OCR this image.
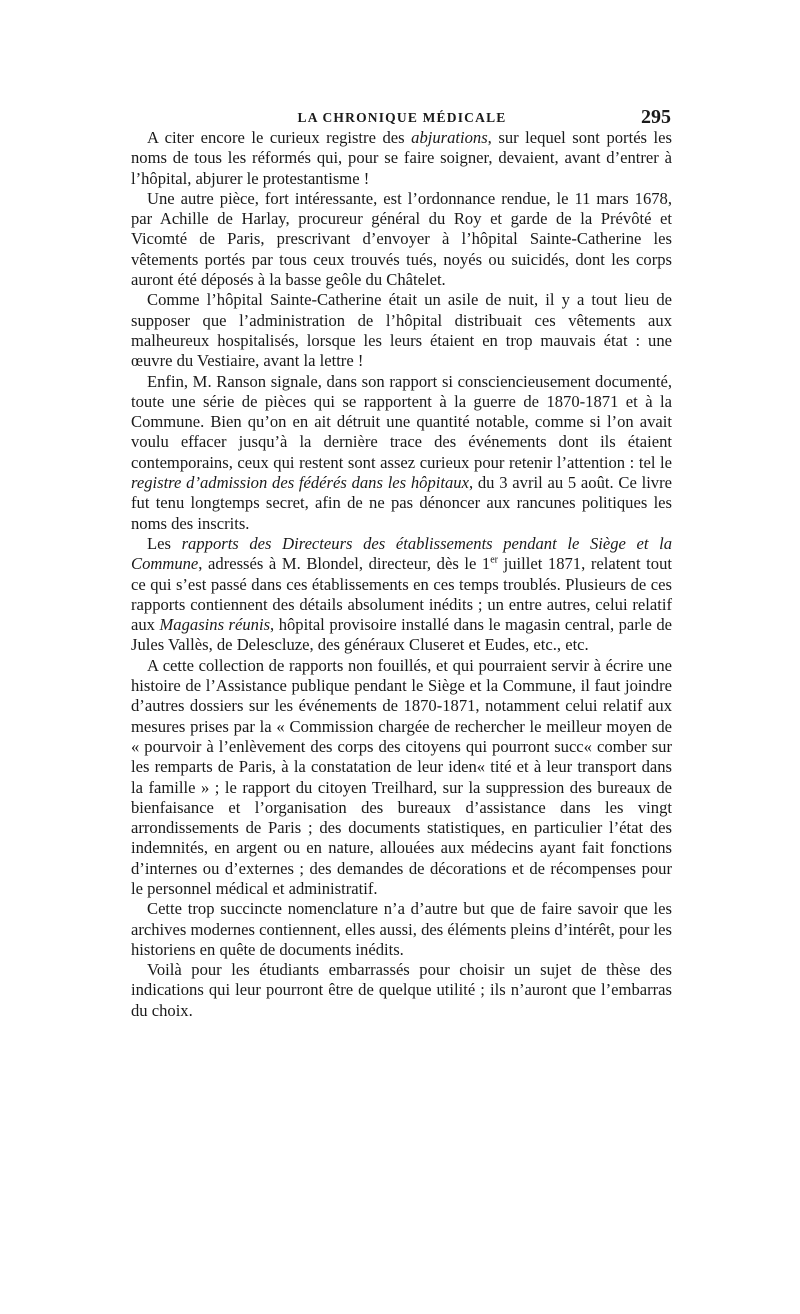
LA CHRONIQUE MÉDICALE	295

A citer encore le curieux registre des abjurations, sur lequel sont portés les noms de tous les réformés qui, pour se faire soigner, devaient, avant d’entrer à l’hôpital, abjurer le protestantisme !

Une autre pièce, fort intéressante, est l’ordonnance rendue, le 11 mars 1678, par Achille de Harlay, procureur général du Roy et garde de la Prévôté et Vicomté de Paris, prescrivant d’envoyer à l’hôpital Sainte-Catherine les vêtements portés par tous ceux trouvés tués, noyés ou suicidés, dont les corps auront été déposés à la basse geôle du Châtelet.

Comme l’hôpital Sainte-Catherine était un asile de nuit, il y a tout lieu de supposer que l’administration de l’hôpital distribuait ces vêtements aux malheureux hospitalisés, lorsque les leurs étaient en trop mauvais état : une œuvre du Vestiaire, avant la lettre !

Enfin, M. Ranson signale, dans son rapport si consciencieusement documenté, toute une série de pièces qui se rapportent à la guerre de 1870-1871 et à la Commune. Bien qu’on en ait détruit une quantité notable, comme si l’on avait voulu effacer jusqu’à la dernière trace des événements dont ils étaient contemporains, ceux qui restent sont assez curieux pour retenir l’attention : tel le registre d’admission des fédérés dans les hôpitaux, du 3 avril au 5 août. Ce livre fut tenu longtemps secret, afin de ne pas dénoncer aux rancunes politiques les noms des inscrits.

Les rapports des Directeurs des établissements pendant le Siège et la Commune, adressés à M. Blondel, directeur, dès le 1er juillet 1871, relatent tout ce qui s’est passé dans ces établissements en ces temps troublés. Plusieurs de ces rapports contiennent des détails absolument inédits ; un entre autres, celui relatif aux Magasins réunis, hôpital provisoire installé dans le magasin central, parle de Jules Vallès, de Delescluze, des généraux Cluseret et Eudes, etc., etc.

A cette collection de rapports non fouillés, et qui pourraient servir à écrire une histoire de l’Assistance publique pendant le Siège et la Commune, il faut joindre d’autres dossiers sur les événements de 1870-1871, notamment celui relatif aux mesures prises par la « Commission chargée de rechercher le meilleur moyen de « pourvoir à l’enlèvement des corps des citoyens qui pourront succ« comber sur les remparts de Paris, à la constatation de leur iden« tité et à leur transport dans la famille » ; le rapport du citoyen Treilhard, sur la suppression des bureaux de bienfaisance et l’organisation des bureaux d’assistance dans les vingt arrondissements de Paris ; des documents statistiques, en particulier l’état des indemnités, en argent ou en nature, allouées aux médecins ayant fait fonctions d’internes ou d’externes ; des demandes de décorations et de récompenses pour le personnel médical et administratif.

Cette trop succincte nomenclature n’a d’autre but que de faire savoir que les archives modernes contiennent, elles aussi, des éléments pleins d’intérêt, pour les historiens en quête de documents inédits.

Voilà pour les étudiants embarrassés pour choisir un sujet de thèse des indications qui leur pourront être de quelque utilité ; ils n’auront que l’embarras du choix.
